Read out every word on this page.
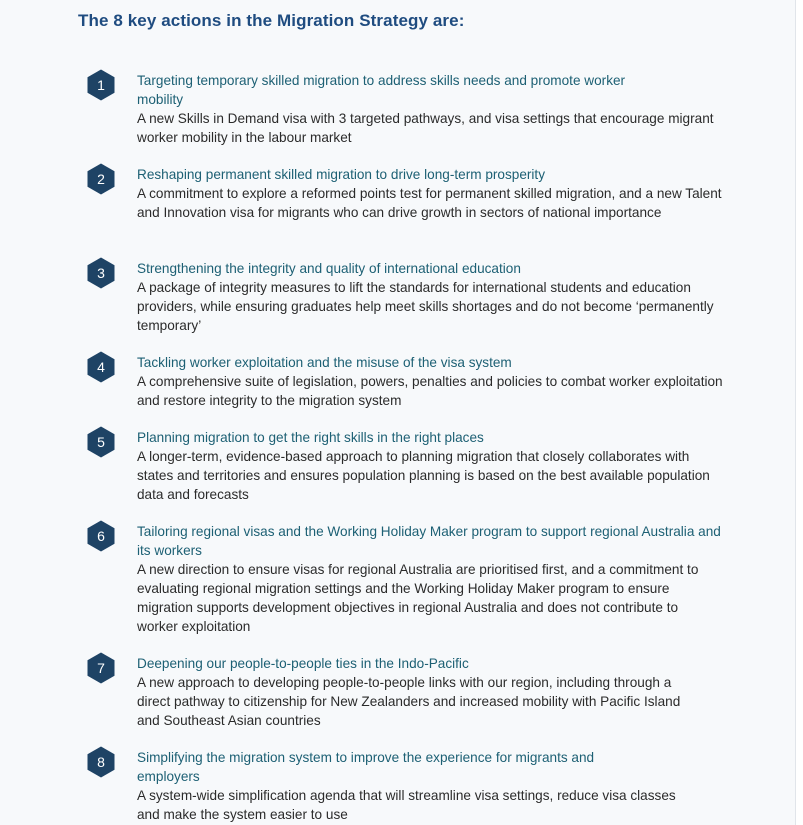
The 8 key actions in the Migration Strategy are:
1	Targeting temporary skilled migration to address skills needs and promote worker mobility

A new Skills in Demand visa with 3 targeted pathways, and visa settings that encourage migrant worker mobility in the labour market

2	Reshaping permanent skilled migration to drive long-term prosperity

A commitment to explore a reformed points test for permanent skilled migration, and a new Talent and Innovation visa for migrants who can drive growth in sectors of national importance

3	Strengthening the integrity and quality of international education

A package of integrity measures to lift the standards for international students and education providers, while ensuring graduates help meet skills shortages and do not become ‘permanently temporary’

4	Tackling worker exploitation and the misuse of the visa system

A comprehensive suite of legislation, powers, penalties and policies to combat worker exploitation and restore integrity to the migration system

5	Planning migration to get the right skills in the right places

A longer-term, evidence-based approach to planning migration that closely collaborates with states and territories and ensures population planning is based on the best available population data and forecasts

6	Tailoring regional visas and the Working Holiday Maker program to support regional Australia and its workers

A new direction to ensure visas for regional Australia are prioritised first, and a commitment to evaluating regional migration settings and the Working Holiday Maker program to ensure migration supports development objectives in regional Australia and does not contribute to worker exploitation

7	Deepening our people-to-people ties in the Indo-Pacific

A new approach to developing people-to-people links with our region, including through a direct pathway to citizenship for New Zealanders and increased mobility with Pacific Island and Southeast Asian countries

8	Simplifying the migration system to improve the experience for migrants and employers

A system-wide simplification agenda that will streamline visa settings, reduce visa classes and make the system easier to use
